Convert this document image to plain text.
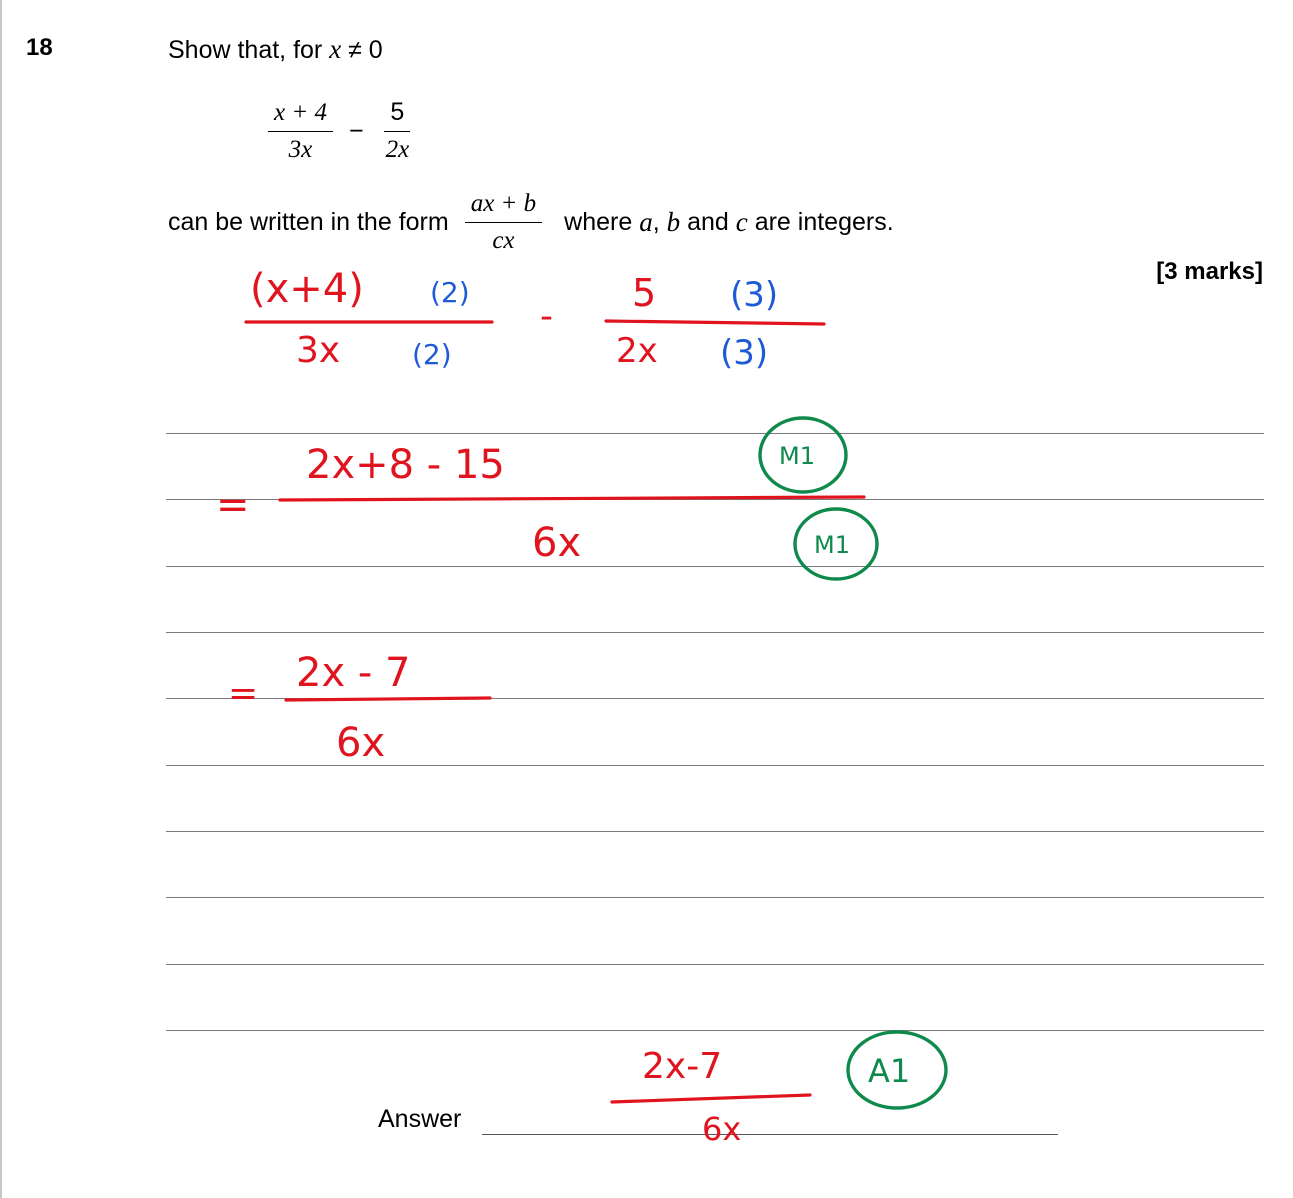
18	Show that, for x ≠ 0
$\frac{x + 4}{3x} - \frac{5}{2x}$
can be written in the form $\frac{ax + b}{cx}$ where
a , b
and
c
are integers.
[3 marks]
Answer
(x+4) (2)
3x	(2)
-
5 (3)
2x (3)
=
2x+8 - 15
6x
M1
M1
= 2x - 7
6x
2x-7
6x
A1
